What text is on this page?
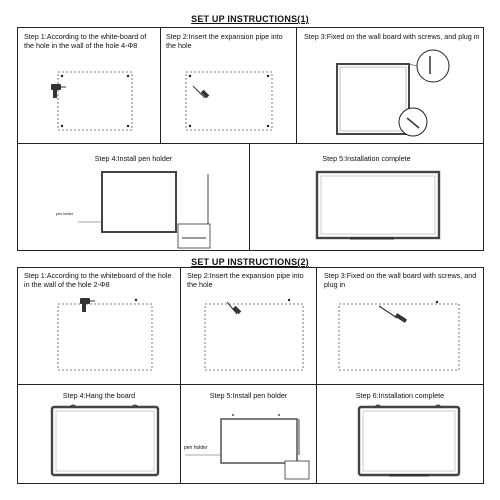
SET UP INSTRUCTIONS(1)
Step 1:According to the white-board of the hole in the wall of the hole 4-Φ8
Step 2:Insert the expansion pipe into the hole
Step 3:Fixed on the wall board with screws, and plug in
Step 4:Install pen holder
pen holder
Step 5:Installation complete
SET UP INSTRUCTIONS(2)
Step 1:According to the whiteboard of the hole in the wall of the hole 2-Φ8
Step 2:Insert the expansion pipe into the hole
Step 3:Fixed on the wall board with screws, and plug in
Step 4:Hang the board	Step 5:Install pen holder
pen holder
Step 6:Installation complete
